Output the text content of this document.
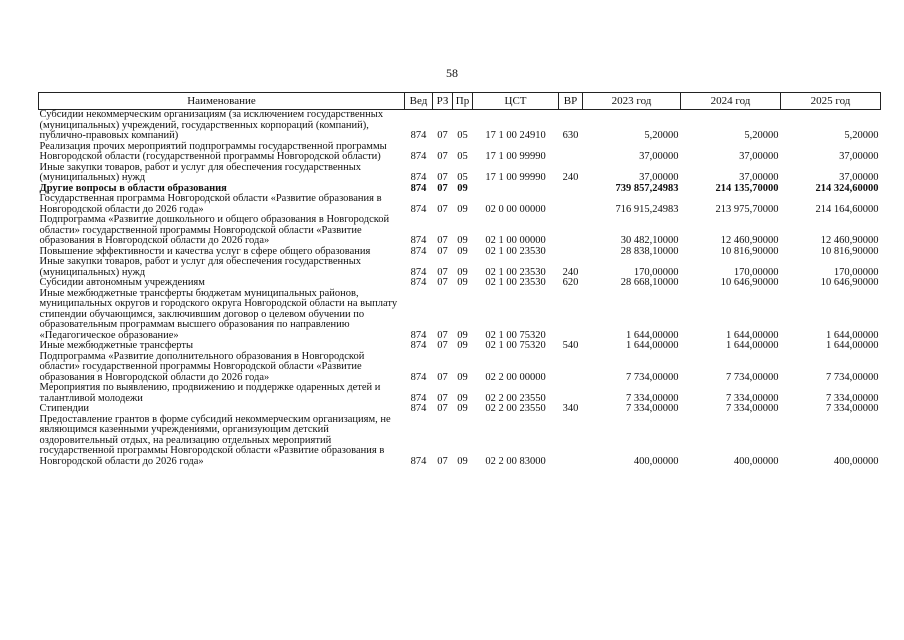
58
Наименование	Вед	РЗ	Пр	ЦСТ	ВР	2023 год	2024 год	2025 год
Субсидии некоммерческим организациям (за исключением государственных (муниципальных) учреждений, государственных корпораций (компаний), публично-правовых компаний)	874	07	05	17 1 00 24910	630	5,20000	5,20000	5,20000
Реализация прочих мероприятий подпрограммы государственной программы Новгородской области (государственной программы Новгородской области)	874	07	05	17 1 00 99990		37,00000	37,00000	37,00000
Иные закупки товаров, работ и услуг для обеспечения государственных (муниципальных) нужд	874	07	05	17 1 00 99990	240	37,00000	37,00000	37,00000
Другие вопросы в области образования	874	07	09			739 857,24983	214 135,70000	214 324,60000
Государственная программа Новгородской области «Развитие образования в Новгородской области до 2026 года»	874	07	09	02 0 00 00000		716 915,24983	213 975,70000	214 164,60000
Подпрограмма «Развитие дошкольного и общего образования в Новгородской области» государственной программы Новгородской области «Развитие образования в Новгородской области до 2026 года»	874	07	09	02 1 00 00000		30 482,10000	12 460,90000	12 460,90000
Повышение эффективности и качества услуг в сфере общего образования	874	07	09	02 1 00 23530		28 838,10000	10 816,90000	10 816,90000
Иные закупки товаров, работ и услуг для обеспечения государственных (муниципальных) нужд	874	07	09	02 1 00 23530	240	170,00000	170,00000	170,00000
Субсидии автономным учреждениям	874	07	09	02 1 00 23530	620	28 668,10000	10 646,90000	10 646,90000
Иные межбюджетные трансферты бюджетам муниципальных районов, муниципальных округов и городского округа Новгородской области на выплату стипендии обучающимся, заключившим договор о целевом обучении по образовательным программам высшего образования по направлению «Педагогическое образование»	874	07	09	02 1 00 75320		1 644,00000	1 644,00000	1 644,00000
Иные межбюджетные трансферты	874	07	09	02 1 00 75320	540	1 644,00000	1 644,00000	1 644,00000
Подпрограмма «Развитие дополнительного образования в Новгородской области» государственной программы Новгородской области «Развитие образования в Новгородской области до 2026 года»	874	07	09	02 2 00 00000		7 734,00000	7 734,00000	7 734,00000
Мероприятия по выявлению, продвижению и поддержке одаренных детей и талантливой молодежи	874	07	09	02 2 00 23550		7 334,00000	7 334,00000	7 334,00000
Стипендии	874	07	09	02 2 00 23550	340	7 334,00000	7 334,00000	7 334,00000
Предоставление грантов в форме субсидий некоммерческим организациям, не являющимся казенными учреждениями, организующим детский оздоровительный отдых, на реализацию отдельных мероприятий государственной программы Новгородской области «Развитие образования в Новгородской области до 2026 года»	874	07	09	02 2 00 83000		400,00000	400,00000	400,00000
